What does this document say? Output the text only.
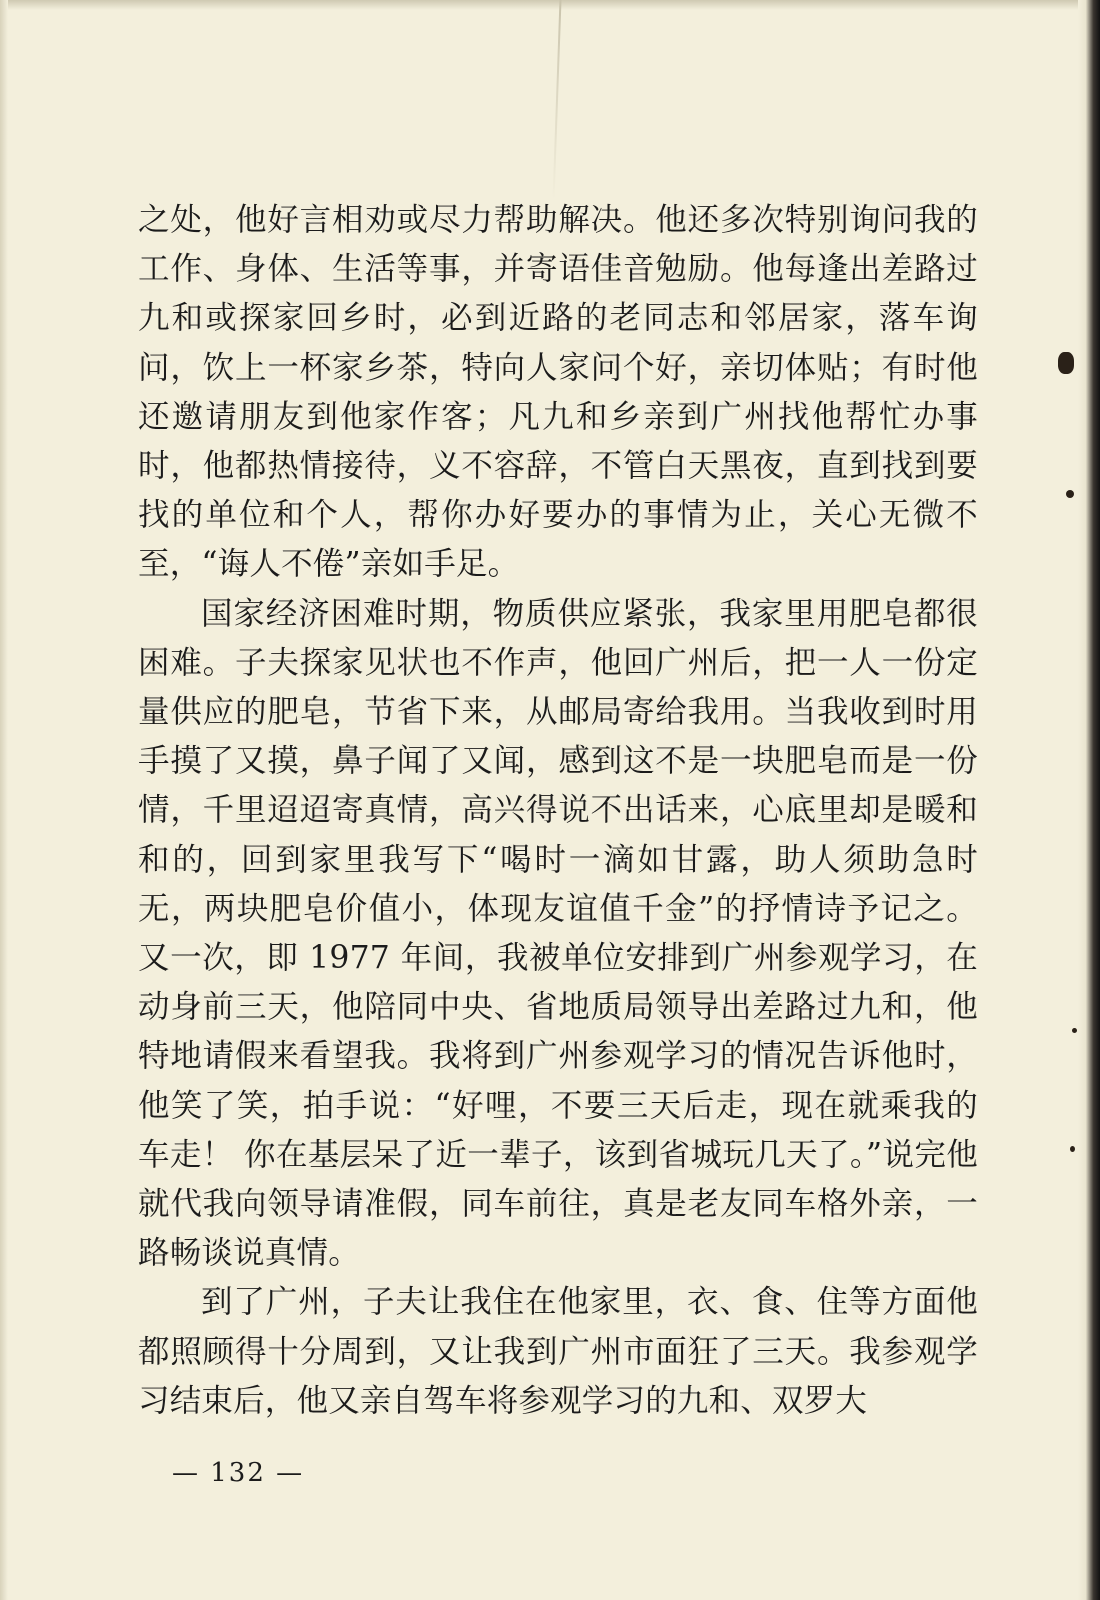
之处，他好言相劝或尽力帮助解决。他还多次特别询问我的工作、身体、生活等事，并寄语佳音勉励。他每逢出差路过九和或探家回乡时，必到近路的老同志和邻居家，落车询问，饮上一杯家乡茶，特向人家问个好，亲切体贴；有时他还邀请朋友到他家作客；凡九和乡亲到广州找他帮忙办事时，他都热情接待，义不容辞，不管白天黑夜，直到找到要找的单位和个人，帮你办好要办的事情为止，关心无微不至，“诲人不倦”亲如手足。

国家经济困难时期，物质供应紧张，我家里用肥皂都很困难。子夫探家见状也不作声，他回广州后，把一人一份定量供应的肥皂，节省下来，从邮局寄给我用。当我收到时用手摸了又摸，鼻子闻了又闻，感到这不是一块肥皂而是一份情，千里迢迢寄真情，高兴得说不出话来，心底里却是暖和和的，回到家里我写下“喝时一滴如甘露，助人须助急时无，两块肥皂价值小，体现友谊值千金”的抒情诗予记之。又一次，即 1977 年间，我被单位安排到广州参观学习，在动身前三天，他陪同中央、省地质局领导出差路过九和，他特地请假来看望我。我将到广州参观学习的情况告诉他时，他笑了笑，拍手说：“好哩，不要三天后走，现在就乘我的车走！ 你在基层呆了近一辈子，该到省城玩几天了。”说完他就代我向领导请准假，同车前往，真是老友同车格外亲，一路畅谈说真情。

到了广州，子夫让我住在他家里，衣、食、住等方面他都照顾得十分周到，又让我到广州市面狂了三天。我参观学习结束后，他又亲自驾车将参观学习的九和、双罗大

— 132 —
